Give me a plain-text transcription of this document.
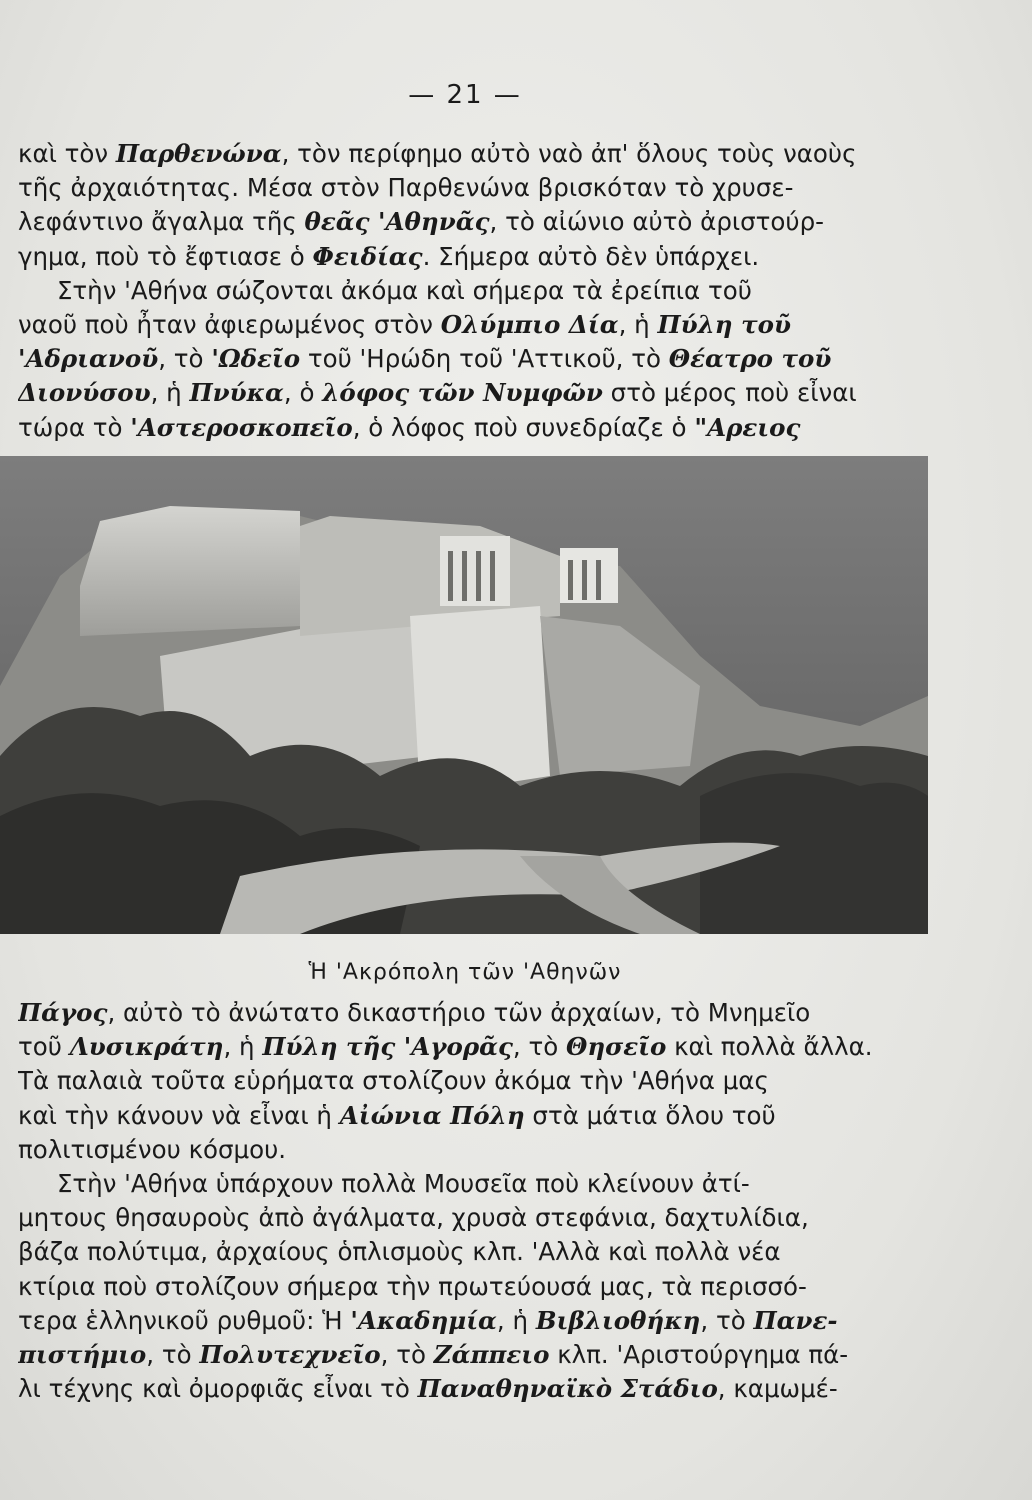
— 21 —
καὶ τὸν Παρθενώνα, τὸν περίφημο αὐτὸ ναὸ ἀπ' ὅλους τοὺς ναοὺς
τῆς ἀρχαιότητας. Μέσα στὸν Παρθενώνα βρισκόταν τὸ χρυσε-
λεφάντινο ἄγαλμα τῆς θεᾶς 'Αθηνᾶς, τὸ αἰώνιο αὐτὸ ἀριστούρ-
γημα, ποὺ τὸ ἔφτιασε ὁ Φειδίας. Σήμερα αὐτὸ δὲν ὑπάρχει.
Στὴν 'Αθήνα σώζονται ἀκόμα καὶ σήμερα τὰ ἐρείπια τοῦ
ναοῦ ποὺ ἦταν ἀφιερωμένος στὸν Ολύμπιο Δία, ἡ Πύλη τοῦ
'Αδριανοῦ, τὸ 'Ωδεῖο τοῦ 'Ηρώδη τοῦ 'Αττικοῦ, τὸ Θέατρο τοῦ
Διονύσου, ἡ Πνύκα, ὁ λόφος τῶν Νυμφῶν στὸ μέρος ποὺ εἶναι
τώρα τὸ 'Αστεροσκοπεῖο, ὁ λόφος ποὺ συνεδρίαζε ὁ "Αρειος
Ἡ 'Ακρόπολη τῶν 'Αθηνῶν
Πάγος, αὐτὸ τὸ ἀνώτατο δικαστήριο τῶν ἀρχαίων, τὸ Μνημεῖο
τοῦ Λυσικράτη, ἡ Πύλη τῆς 'Αγορᾶς, τὸ Θησεῖο καὶ πολλὰ ἄλλα.
Τὰ παλαιὰ τοῦτα εὑρήματα στολίζουν ἀκόμα τὴν 'Αθήνα μας
καὶ τὴν κάνουν νὰ εἶναι ἡ Αἰώνια Πόλη στὰ μάτια ὅλου τοῦ
πολιτισμένου κόσμου.
Στὴν 'Αθήνα ὑπάρχουν πολλὰ Μουσεῖα ποὺ κλείνουν ἀτί-
μητους θησαυροὺς ἀπὸ ἀγάλματα, χρυσὰ στεφάνια, δαχτυλίδια,
βάζα πολύτιμα, ἀρχαίους ὁπλισμοὺς κλπ. 'Αλλὰ καὶ πολλὰ νέα
κτίρια ποὺ στολίζουν σήμερα τὴν πρωτεύουσά μας, τὰ περισσό-
τερα ἑλληνικοῦ ρυθμοῦ: Ἡ 'Ακαδημία, ἡ Βιβλιοθήκη, τὸ Πανε-
πιστήμιο, τὸ Πολυτεχνεῖο, τὸ Ζάππειο κλπ. 'Αριστούργημα πά-
λι τέχνης καὶ ὀμορφιᾶς εἶναι τὸ Παναθηναϊκὸ Στάδιο, καμωμέ-
